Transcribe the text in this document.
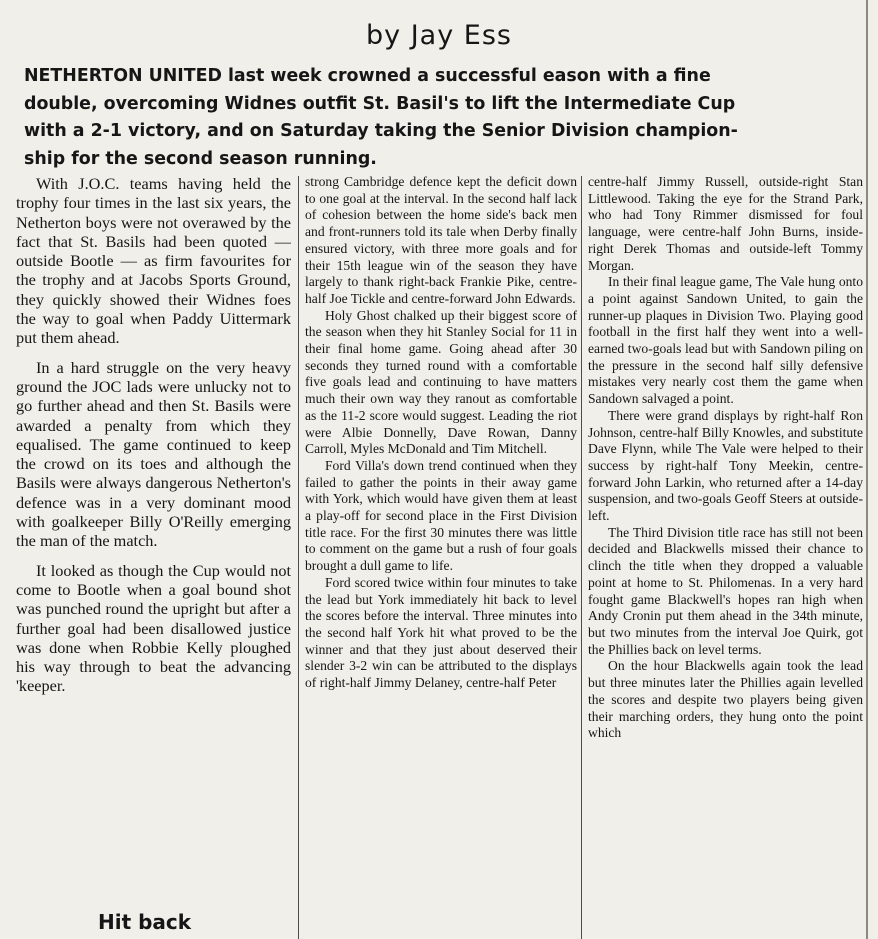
by Jay Ess
NETHERTON UNITED last week crowned a successful eason with a fine
double, overcoming Widnes outfit St. Basil's to lift the Intermediate Cup
with a 2-1 victory, and on Saturday taking the Senior Division champion-
ship for the second season running.

With J.O.C. teams having held the trophy four times in the last six years, the Netherton boys were not overawed by the fact that St. Basils had been quoted — outside Bootle — as firm favourites for the trophy and at Jacobs Sports Ground, they quickly showed their Widnes foes the way to goal when Paddy Uittermark put them ahead.

In a hard struggle on the very heavy ground the JOC lads were unlucky not to go further ahead and then St. Basils were awarded a penalty from which they equalised. The game continued to keep the crowd on its toes and although the Basils were always dangerous Netherton's defence was in a very dominant mood with goalkeeper Billy O'Reilly emerging the man of the match.

It looked as though the Cup would not come to Bootle when a goal bound shot was punched round the upright but after a further goal had been disallowed justice was done when Robbie Kelly ploughed his way through to beat the advancing 'keeper.

Hit back

strong Cambridge defence kept the deficit down to one goal at the interval. In the second half lack of cohesion between the home side's back men and front-runners told its tale when Derby finally ensured victory, with three more goals and for their 15th league win of the season they have largely to thank right-back Frankie Pike, centre-half Joe Tickle and centre-forward John Edwards.

Holy Ghost chalked up their biggest score of the season when they hit Stanley Social for 11 in their final home game. Going ahead after 30 seconds they turned round with a comfortable five goals lead and continuing to have matters much their own way they ranout as comfortable as the 11-2 score would suggest. Leading the riot were Albie Donnelly, Dave Rowan, Danny Carroll, Myles McDonald and Tim Mitchell.

Ford Villa's down trend continued when they failed to gather the points in their away game with York, which would have given them at least a play-off for second place in the First Division title race. For the first 30 minutes there was little to comment on the game but a rush of four goals brought a dull game to life.

Ford scored twice within four minutes to take the lead but York immediately hit back to level the scores before the interval. Three minutes into the second half York hit what proved to be the winner and that they just about deserved their slender 3-2 win can be attributed to the displays of right-half Jimmy Delaney, centre-half Peter

centre-half Jimmy Russell, outside-right Stan Littlewood. Taking the eye for the Strand Park, who had Tony Rimmer dismissed for foul language, were centre-half John Burns, inside-right Derek Thomas and outside-left Tommy Morgan.

In their final league game, The Vale hung onto a point against Sandown United, to gain the runner-up plaques in Division Two. Playing good football in the first half they went into a well-earned two-goals lead but with Sandown piling on the pressure in the second half silly defensive mistakes very nearly cost them the game when Sandown salvaged a point.

There were grand displays by right-half Ron Johnson, centre-half Billy Knowles, and substitute Dave Flynn, while The Vale were helped to their success by right-half Tony Meekin, centre-forward John Larkin, who returned after a 14-day suspension, and two-goals Geoff Steers at outside-left.

The Third Division title race has still not been decided and Blackwells missed their chance to clinch the title when they dropped a valuable point at home to St. Philomenas. In a very hard fought game Blackwell's hopes ran high when Andy Cronin put them ahead in the 34th minute, but two minutes from the interval Joe Quirk, got the Phillies back on level terms.

On the hour Blackwells again took the lead but three minutes later the Phillies again levelled the scores and despite two players being given their marching orders, they hung onto the point which
